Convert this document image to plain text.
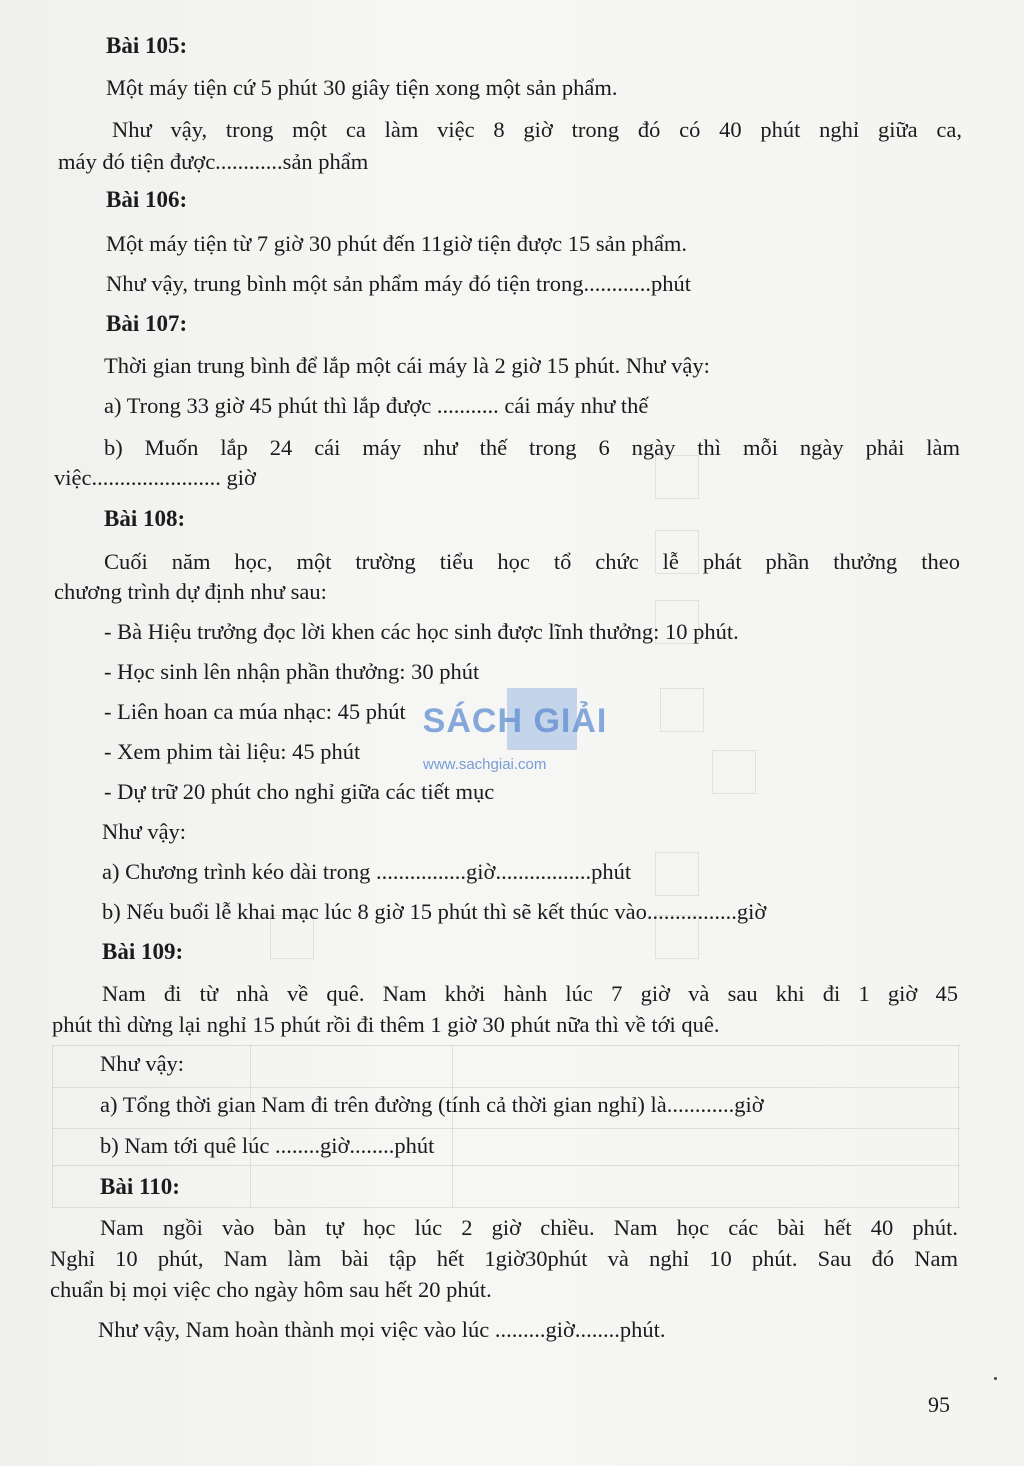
Bài 105:
Một máy tiện cứ 5 phút 30 giây tiện xong một sản phẩm.
Như vậy, trong một ca làm việc 8 giờ trong đó có 40 phút nghỉ giữa ca,
máy đó tiện được............sản phẩm
Bài 106:
Một máy tiện từ 7 giờ 30 phút đến 11giờ tiện được 15 sản phẩm.
Như vậy, trung bình một sản phẩm máy đó tiện trong............phút
Bài 107:
Thời gian trung bình để lắp một cái máy là 2 giờ 15 phút. Như vậy:
a) Trong 33 giờ 45 phút thì lắp được ........... cái máy như thế
b) Muốn lắp 24 cái máy như thế trong 6 ngày thì mỗi ngày phải làm
việc....................... giờ
Bài 108:
Cuối năm học, một trường tiểu học tổ chức lễ phát phần thưởng theo
chương trình dự định như sau:
- Bà Hiệu trưởng đọc lời khen các học sinh được lĩnh thưởng: 10 phút.
- Học sinh lên nhận phần thưởng: 30 phút
- Liên hoan ca múa nhạc: 45 phút
- Xem phim tài liệu: 45 phút
- Dự trữ 20 phút cho nghỉ giữa các tiết mục
Như vậy:
a) Chương trình kéo dài trong ................giờ.................phút
b) Nếu buổi lễ khai mạc lúc 8 giờ 15 phút thì sẽ kết thúc vào................giờ
Bài 109:
Nam đi từ nhà về quê. Nam khởi hành lúc 7 giờ và sau khi đi 1 giờ 45
phút thì dừng lại nghỉ 15 phút rồi đi thêm 1 giờ 30 phút nữa thì về tới quê.
Như vậy:
a) Tổng thời gian Nam đi trên đường (tính cả thời gian nghỉ) là............giờ
b) Nam tới quê lúc ........giờ........phút
Bài 110:
Nam ngồi vào bàn tự học lúc 2 giờ chiều. Nam học các bài hết 40 phút.
Nghỉ 10 phút, Nam làm bài tập hết 1giờ30phút và nghỉ 10 phút. Sau đó Nam
chuẩn bị mọi việc cho ngày hôm sau hết 20 phút.
Như vậy, Nam hoàn thành mọi việc vào lúc .........giờ........phút.
SÁCH GIẢI
www.sachgiai.com
95
